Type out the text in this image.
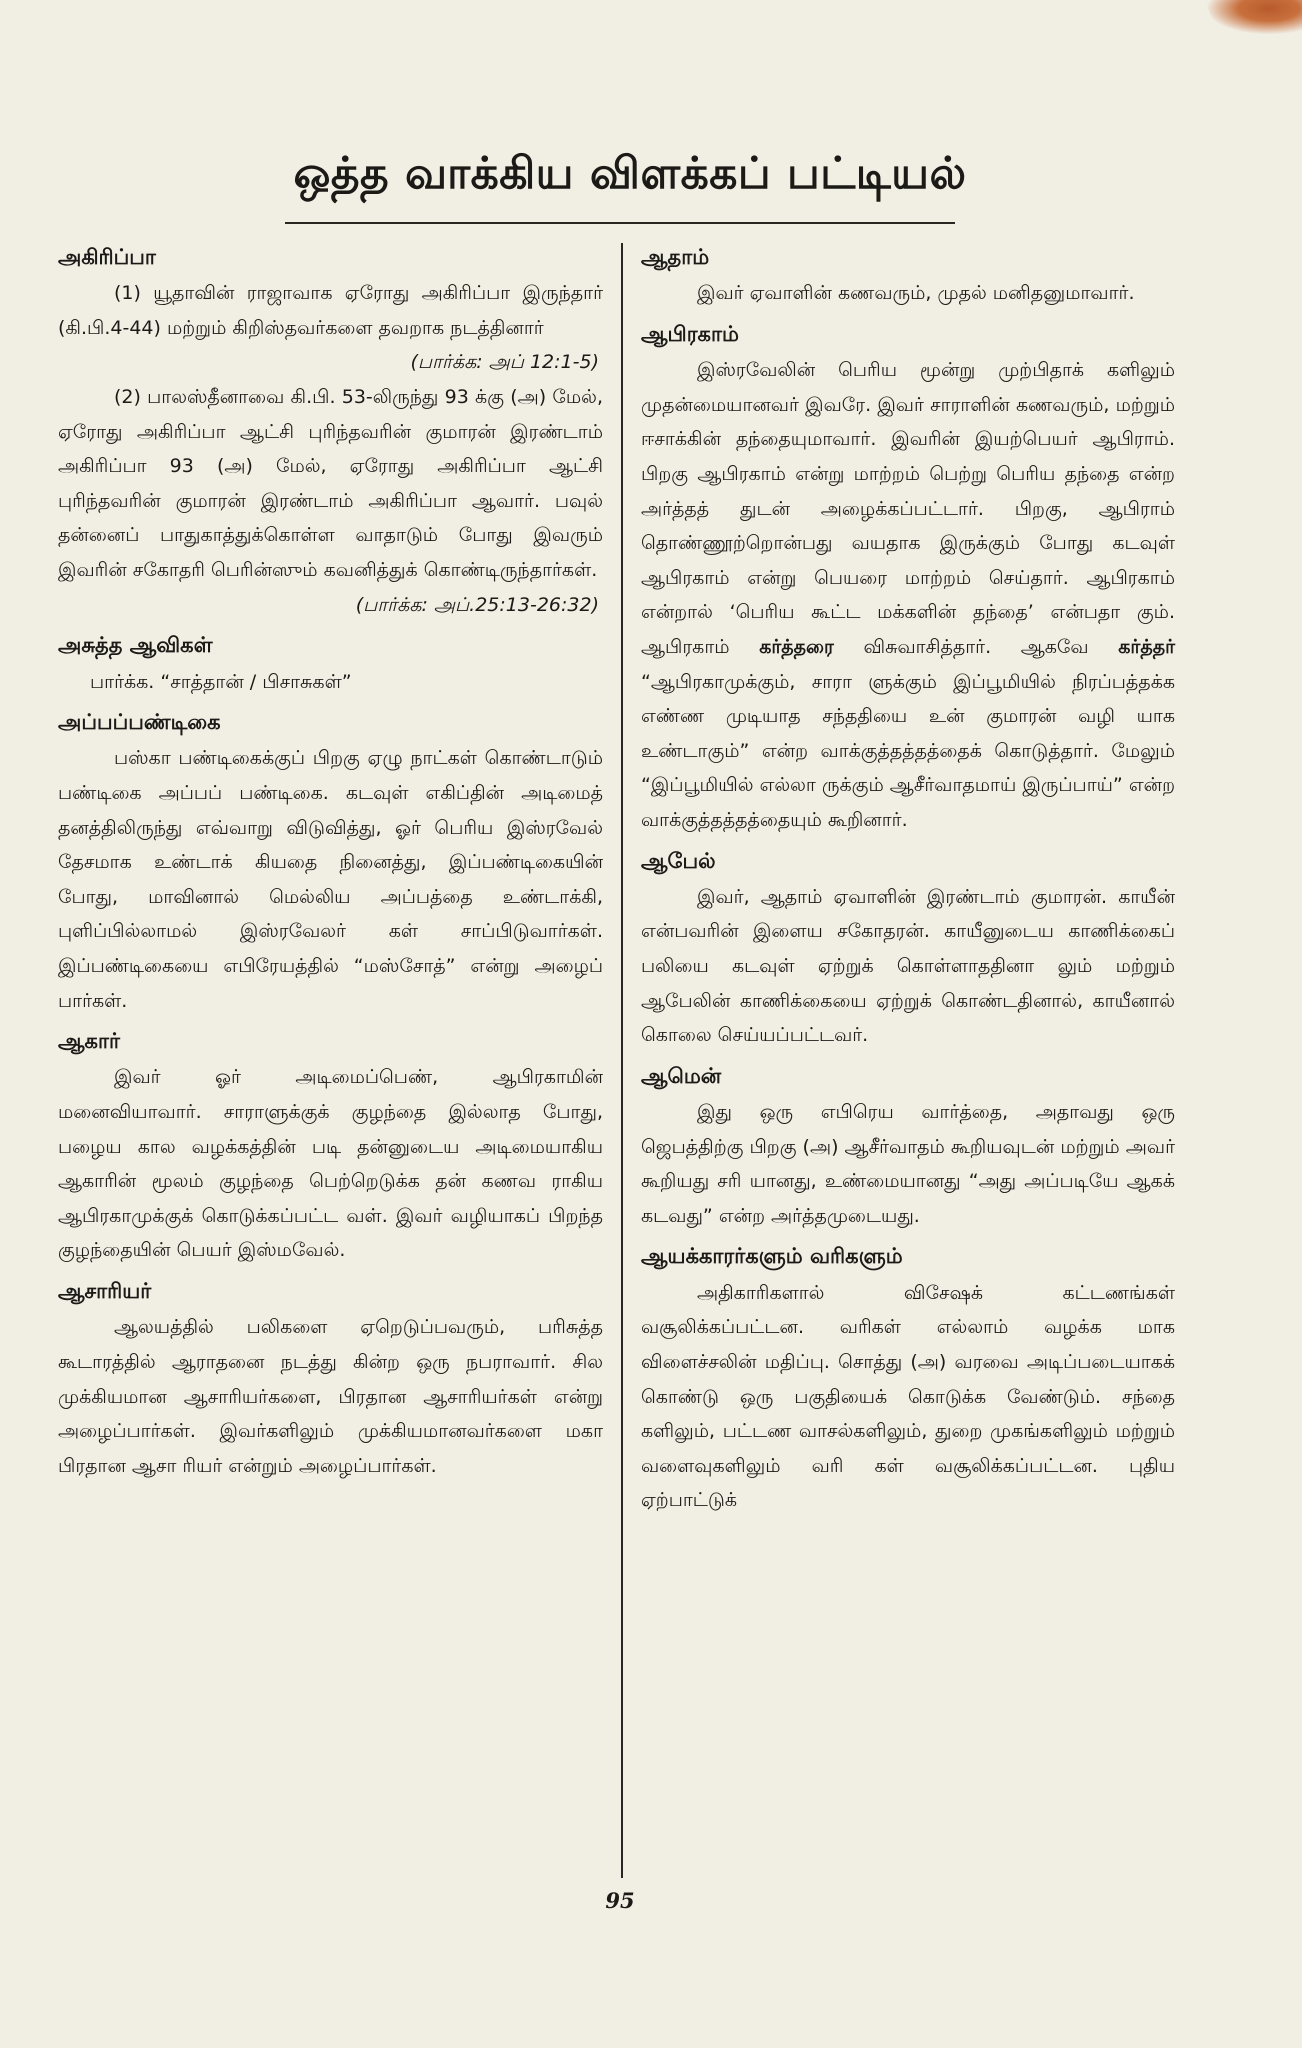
ஒத்த வாக்கிய விளக்கப் பட்டியல்
அகிரிப்பா

(1) யூதாவின் ராஜாவாக ஏரோது அகிரிப்பா இருந்தார் (கி.பி.4-44) மற்றும் கிறிஸ்தவர்களை தவறாக நடத்தினார்

(பார்க்க: அப் 12:1-5)

(2) பாலஸ்தீனாவை கி.பி. 53-லிருந்து 93 க்கு (அ) மேல், ஏரோது அகிரிப்பா ஆட்சி புரிந்தவரின் குமாரன் இரண்டாம் அகிரிப்பா 93 (அ) மேல், ஏரோது அகிரிப்பா ஆட்சி புரிந்தவரின் குமாரன் இரண்டாம் அகிரிப்பா ஆவார். பவுல் தன்னைப் பாதுகாத்துக்கொள்ள வாதாடும் போது இவரும் இவரின் சகோதரி பெரின்ஸும் கவனித்துக் கொண்டிருந்தார்கள்.

(பார்க்க: அப்.25:13-26:32)

அசுத்த ஆவிகள்

பார்க்க. “சாத்தான் / பிசாசுகள்”

அப்பப்பண்டிகை

பஸ்கா பண்டிகைக்குப் பிறகு ஏழு நாட்கள் கொண்டாடும் பண்டிகை அப்பப் பண்டிகை. கடவுள் எகிப்தின் அடிமைத் தனத்திலிருந்து எவ்வாறு விடுவித்து, ஓர் பெரிய இஸ்ரவேல் தேசமாக உண்டாக் கியதை நினைத்து, இப்பண்டிகையின் போது, மாவினால் மெல்லிய அப்பத்தை உண்டாக்கி, புளிப்பில்லாமல் இஸ்ரவேலர் கள் சாப்பிடுவார்கள். இப்பண்டிகையை எபிரேயத்தில் “மஸ்சோத்” என்று அழைப் பார்கள்.

ஆகார்

இவர் ஓர் அடிமைப்பெண், ஆபிரகாமின் மனைவியாவார். சாராளுக்குக் குழந்தை இல்லாத போது, பழைய கால வழக்கத்தின் படி தன்னுடைய அடிமையாகிய ஆகாரின் மூலம் குழந்தை பெற்றெடுக்க தன் கணவ ராகிய ஆபிரகாமுக்குக் கொடுக்கப்பட்ட வள். இவர் வழியாகப் பிறந்த குழந்தையின் பெயர் இஸ்மவேல்.

ஆசாரியர்

ஆலயத்தில் பலிகளை ஏறெடுப்பவரும், பரிசுத்த கூடாரத்தில் ஆராதனை நடத்து கின்ற ஒரு நபராவார். சில முக்கியமான ஆசாரியர்களை, பிரதான ஆசாரியர்கள் என்று அழைப்பார்கள். இவர்களிலும் முக்கியமானவர்களை மகா பிரதான ஆசா ரியர் என்றும் அழைப்பார்கள்.

ஆதாம்

இவர் ஏவாளின் கணவரும், முதல் மனிதனுமாவார்.

ஆபிரகாம்

இஸ்ரவேலின் பெரிய மூன்று முற்பிதாக் களிலும் முதன்மையானவர் இவரே. இவர் சாராளின் கணவரும், மற்றும் ஈசாக்கின் தந்தையுமாவார். இவரின் இயற்பெயர் ஆபிராம். பிறகு ஆபிரகாம் என்று மாற்றம் பெற்று பெரிய தந்தை என்ற அர்த்தத் துடன் அழைக்கப்பட்டார். பிறகு, ஆபிராம் தொண்ணூற்றொன்பது வயதாக இருக்கும் போது கடவுள் ஆபிரகாம் என்று பெயரை மாற்றம் செய்தார். ஆபிரகாம் என்றால் ‘பெரிய கூட்ட மக்களின் தந்தை’ என்பதா கும். ஆபிரகாம் கர்த்தரை விசுவாசித்தார். ஆகவே கர்த்தர் “ஆபிரகாமுக்கும், சாரா ளுக்கும் இப்பூமியில் நிரப்பத்தக்க எண்ண முடியாத சந்ததியை உன் குமாரன் வழி யாக உண்டாகும்” என்ற வாக்குத்தத்தத்தைக் கொடுத்தார். மேலும் “இப்பூமியில் எல்லா ருக்கும் ஆசீர்வாதமாய் இருப்பாய்” என்ற வாக்குத்தத்தத்தையும் கூறினார்.

ஆபேல்

இவர், ஆதாம் ஏவாளின் இரண்டாம் குமாரன். காயீன் என்பவரின் இளைய சகோதரன். காயீனுடைய காணிக்கைப் பலியை கடவுள் ஏற்றுக் கொள்ளாததினா லும் மற்றும் ஆபேலின் காணிக்கையை ஏற்றுக் கொண்டதினால், காயீனால் கொலை செய்யப்பட்டவர்.

ஆமென்

இது ஒரு எபிரெய வார்த்தை, அதாவது ஒரு ஜெபத்திற்கு பிறகு (அ) ஆசீர்வாதம் கூறியவுடன் மற்றும் அவர் கூறியது சரி யானது, உண்மையானது “அது அப்படியே ஆகக் கடவது” என்ற அர்த்தமுடையது.

ஆயக்காரர்களும் வரிகளும்

அதிகாரிகளால் விசேஷக் கட்டணங்கள் வசூலிக்கப்பட்டன. வரிகள் எல்லாம் வழக்க மாக விளைச்சலின் மதிப்பு. சொத்து (அ) வரவை அடிப்படையாகக் கொண்டு ஒரு பகுதியைக் கொடுக்க வேண்டும். சந்தை களிலும், பட்டண வாசல்களிலும், துறை முகங்களிலும் மற்றும் வளைவுகளிலும் வரி கள் வசூலிக்கப்பட்டன. புதிய ஏற்பாட்டுக்

95
